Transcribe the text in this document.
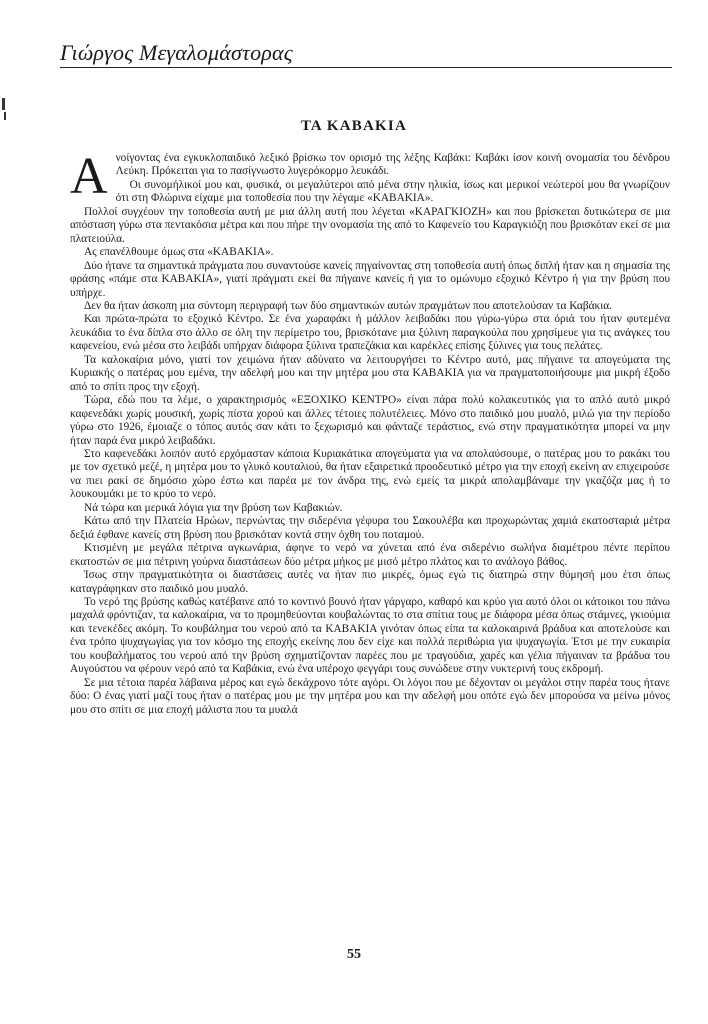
Γιώργος Μεγαλομάστορας
ΤΑ ΚΑΒΑΚΙΑ

Ανοίγοντας ένα εγκυκλοπαιδικό λεξικό βρίσκω τον ορισμό της λέξης Καβάκι: Καβάκι ίσον κοινή ονομασία του δένδρου Λεύκη. Πρόκειται για το πασίγνωστο λυγερόκορμο λευκάδι.

Οι συνομήλικοί μου και, φυσικά, οι μεγαλύτεροι από μένα στην ηλικία, ίσως και μερικοί νεώτεροί μου θα γνωρίζουν ότι στη Φλώρινα είχαμε μια τοποθεσία που την λέγαμε «ΚΑΒΑΚΙΑ».

Πολλοί συγχέουν την τοποθεσία αυτή με μια άλλη αυτή που λέγεται «ΚΑΡΑΓΚΙΟΖΗ» και που βρίσκεται δυτικώτερα σε μια απόσταση γύρω στα πεντακόσια μέτρα και που πήρε την ονομασία της από το Καφενείο του Καραγκιόζη που βρισκόταν εκεί σε μια πλατειούλα.

Ας επανέλθουμε όμως στα «ΚΑΒΑΚΙΑ».

Δύο ήτανε τα σημαντικά πράγματα που συναντούσε κανείς πηγαίνοντας στη τοποθεσία αυτή όπως διπλή ήταν και η σημασία της φράσης «πάμε στα ΚΑΒΑΚΙΑ», γιατί πράγματι εκεί θα πήγαινε κανείς ή για το ομώνυμο εξοχικό Κέντρο ή για την βρύση που υπήρχε.

Δεν θα ήταν άσκοπη μια σύντομη περιγραφή των δύο σημαντικών αυτών πραγμάτων που αποτελούσαν τα Καβάκια.

Και πρώτα-πρώτα το εξοχικό Κέντρο. Σε ένα χωραφάκι ή μάλλον λειβαδάκι που γύρω-γύρω στα όριά του ήταν φυτεμένα λευκάδια το ένα δίπλα στο άλλο σε όλη την περίμετρο του, βρισκότανε μια ξύλινη παραγκούλα που χρησίμευε για τις ανάγκες του καφενείου, ενώ μέσα στο λειβάδι υπήρχαν διάφορα ξύλινα τραπεζάκια και καρέκλες επίσης ξύλινες για τους πελάτες.

Τα καλοκαίρια μόνο, γιατί τον χειμώνα ήταν αδύνατο να λειτουργήσει το Κέντρο αυτό, μας πήγαινε τα απογεύματα της Κυριακής ο πατέρας μου εμένα, την αδελφή μου και την μητέρα μου στα ΚΑΒΑΚΙΑ για να πραγματοποιήσουμε μια μικρή έξοδο από το σπίτι προς την εξοχή.

Τώρα, εδώ που τα λέμε, ο χαρακτηρισμός «ΕΞΟΧΙΚΟ ΚΕΝΤΡΟ» είναι πάρα πολύ κολακευτικός για το απλό αυτό μικρό καφενεδάκι χωρίς μουσική, χωρίς πίστα χορού και άλλες τέτοιες πολυτέλειες. Μόνο στο παιδικό μου μυαλό, μιλώ για την περίοδο γύρω στο 1926, έμοιαζε ο τόπος αυτός σαν κάτι το ξεχωρισμό και φάνταζε τεράστιος, ενώ στην πραγματικότητα μπορεί να μην ήταν παρά ένα μικρό λειβαδάκι.

Στο καφενεδάκι λοιπόν αυτό ερχόμασταν κάποια Κυριακάτικα απογεύματα για να απολαύσουμε, ο πατέρας μου το ρακάκι του με τον σχετικό μεζέ, η μητέρα μου το γλυκό κουταλιού, θα ήταν εξαιρετικά προοδευτικό μέτρο για την εποχή εκείνη αν επιχειρούσε να πιει ρακί σε δημόσιο χώρο έστω και παρέα με τον άνδρα της, ενώ εμείς τα μικρά απολαμβάναμε την γκαζόζα μας ή το λουκουμάκι με το κρύο το νερό.

Νά τώρα και μερικά λόγια για την βρύση των Καβακιών.

Κάτω από την Πλατεία Ηρώων, περνώντας την σιδερένια γέφυρα του Σακουλέβα και προχωρώντας χαμιά εκατοσταριά μέτρα δεξιά έφθανε κανείς στη βρύση που βρισκόταν κοντά στην όχθη του ποταμού.

Κτισμένη με μεγάλα πέτρινα αγκωνάρια, άφηνε το νερό να χύνεται από ένα σιδερένιο σωλήνα διαμέτρου πέντε περίπου εκατοστών σε μια πέτρινη γούρνα διαστάσεων δύο μέτρα μήκος με μισό μέτρο πλάτος και το ανάλογο βάθος.

Ίσως στην πραγματικότητα οι διαστάσεις αυτές να ήταν πιο μικρές, όμως εγώ τις διατηρώ στην θύμησή μου έτσι όπως καταγράφηκαν στο παιδικό μου μυαλό.

Το νερό της βρύσης καθώς κατέβαινε από το κοντινό βουνό ήταν γάργαρο, καθαρό και κρύο για αυτό όλοι οι κάτοικοι του πάνω μαχαλά φρόντιζαν, τα καλοκαίρια, να το προμηθεύονται κουβαλώντας το στα σπίτια τους με διάφορα μέσα όπως στάμνες, γκιούμια και τενεκέδες ακόμη. Το κουβάλημα του νερού από τα ΚΑΒΑΚΙΑ γινόταν όπως είπα τα καλοκαιρινά βράδυα και αποτελούσε και ένα τρόπο ψυχαγωγίας για τον κόσμο της εποχής εκείνης που δεν είχε και πολλά περιθώρια για ψυχαγωγία. Έτσι με την ευκαιρία του κουβαλήματος του νερού από την βρύση σχηματίζονταν παρέες που με τραγούδια, χαρές και γέλια πήγαιναν τα βράδυα του Αυγούστου να φέρουν νερό από τα Καβάκια, ενώ ένα υπέροχο φεγγάρι τους συνώδευε στην νυκτερινή τους εκδρομή.

Σε μια τέτοια παρέα λάβαινα μέρος και εγώ δεκάχρονο τότε αγόρι. Οι λόγοι που με δέχονταν οι μεγάλοι στην παρέα τους ήτανε δύο: Ο ένας γιατί μαζί τους ήταν ο πατέρας μου με την μητέρα μου και την αδελφή μου οπότε εγώ δεν μπορούσα να μείνω μόνος μου στο σπίτι σε μια εποχή μάλιστα που τα μυαλά

55
